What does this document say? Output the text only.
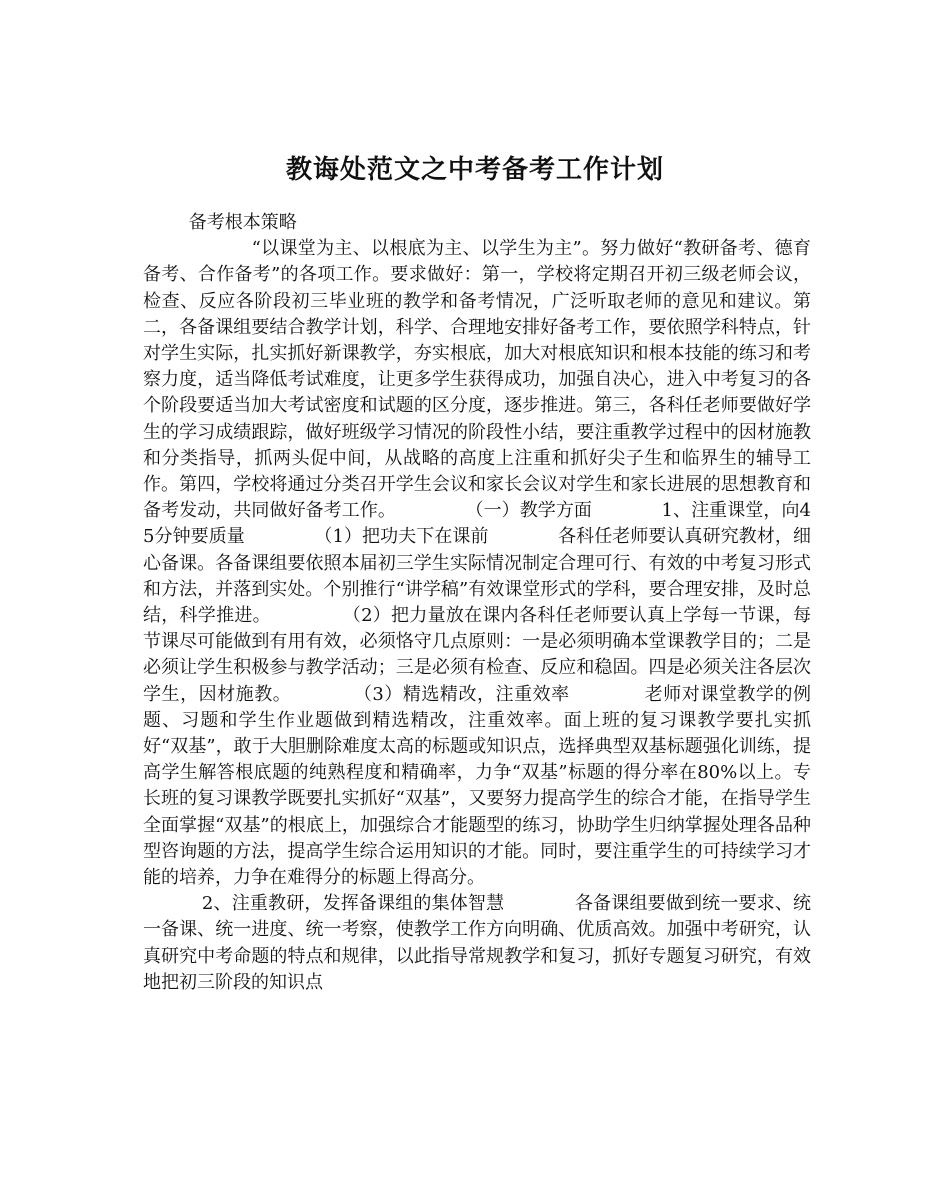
教诲处范文之中考备考工作计划

备考根本策略

“以课堂为主、以根底为主、以学生为主”。努力做好“教研备考、德育备考、合作备考”的各项工作。要求做好：第一，学校将定期召开初三级老师会议，检查、反应各阶段初三毕业班的教学和备考情况，广泛听取老师的意见和建议。第二，各备课组要结合教学计划，科学、合理地安排好备考工作，要依照学科特点，针对学生实际，扎实抓好新课教学，夯实根底，加大对根底知识和根本技能的练习和考察力度，适当降低考试难度，让更多学生获得成功，加强自决心，进入中考复习的各个阶段要适当加大考试密度和试题的区分度，逐步推进。第三，各科任老师要做好学生的学习成绩跟踪，做好班级学习情况的阶段性小结，要注重教学过程中的因材施教和分类指导，抓两头促中间，从战略的高度上注重和抓好尖子生和临界生的辅导工作。第四，学校将通过分类召开学生会议和家长会议对学生和家长进展的思想教育和备考发动，共同做好备考工作。            （一）教学方面            1、注重课堂，向45分钟要质量            （1）把功夫下在课前            各科任老师要认真研究教材，细心备课。各备课组要依照本届初三学生实际情况制定合理可行、有效的中考复习形式和方法，并落到实处。个别推行“讲学稿”有效课堂形式的学科，要合理安排，及时总结，科学推进。            （2）把力量放在课内各科任老师要认真上学每一节课，每节课尽可能做到有用有效，必须恪守几点原则：一是必须明确本堂课教学目的；二是必须让学生积极参与教学活动；三是必须有检查、反应和稳固。四是必须关注各层次学生，因材施教。          （3）精选精改，注重效率            老师对课堂教学的例题、习题和学生作业题做到精选精改，注重效率。面上班的复习课教学要扎实抓好“双基”，敢于大胆删除难度太高的标题或知识点，选择典型双基标题强化训练，提高学生解答根底题的纯熟程度和精确率，力争“双基”标题的得分率在80%以上。专长班的复习课教学既要扎实抓好“双基”，又要努力提高学生的综合才能，在指导学生全面掌握“双基”的根底上，加强综合才能题型的练习，协助学生归纳掌握处理各品种型咨询题的方法，提高学生综合运用知识的才能。同时，要注重学生的可持续学习才能的培养，力争在难得分的标题上得高分。

2、注重教研，发挥备课组的集体智慧            各备课组要做到统一要求、统一备课、统一进度、统一考察，使教学工作方向明确、优质高效。加强中考研究，认真研究中考命题的特点和规律，以此指导常规教学和复习，抓好专题复习研究，有效地把初三阶段的知识点
